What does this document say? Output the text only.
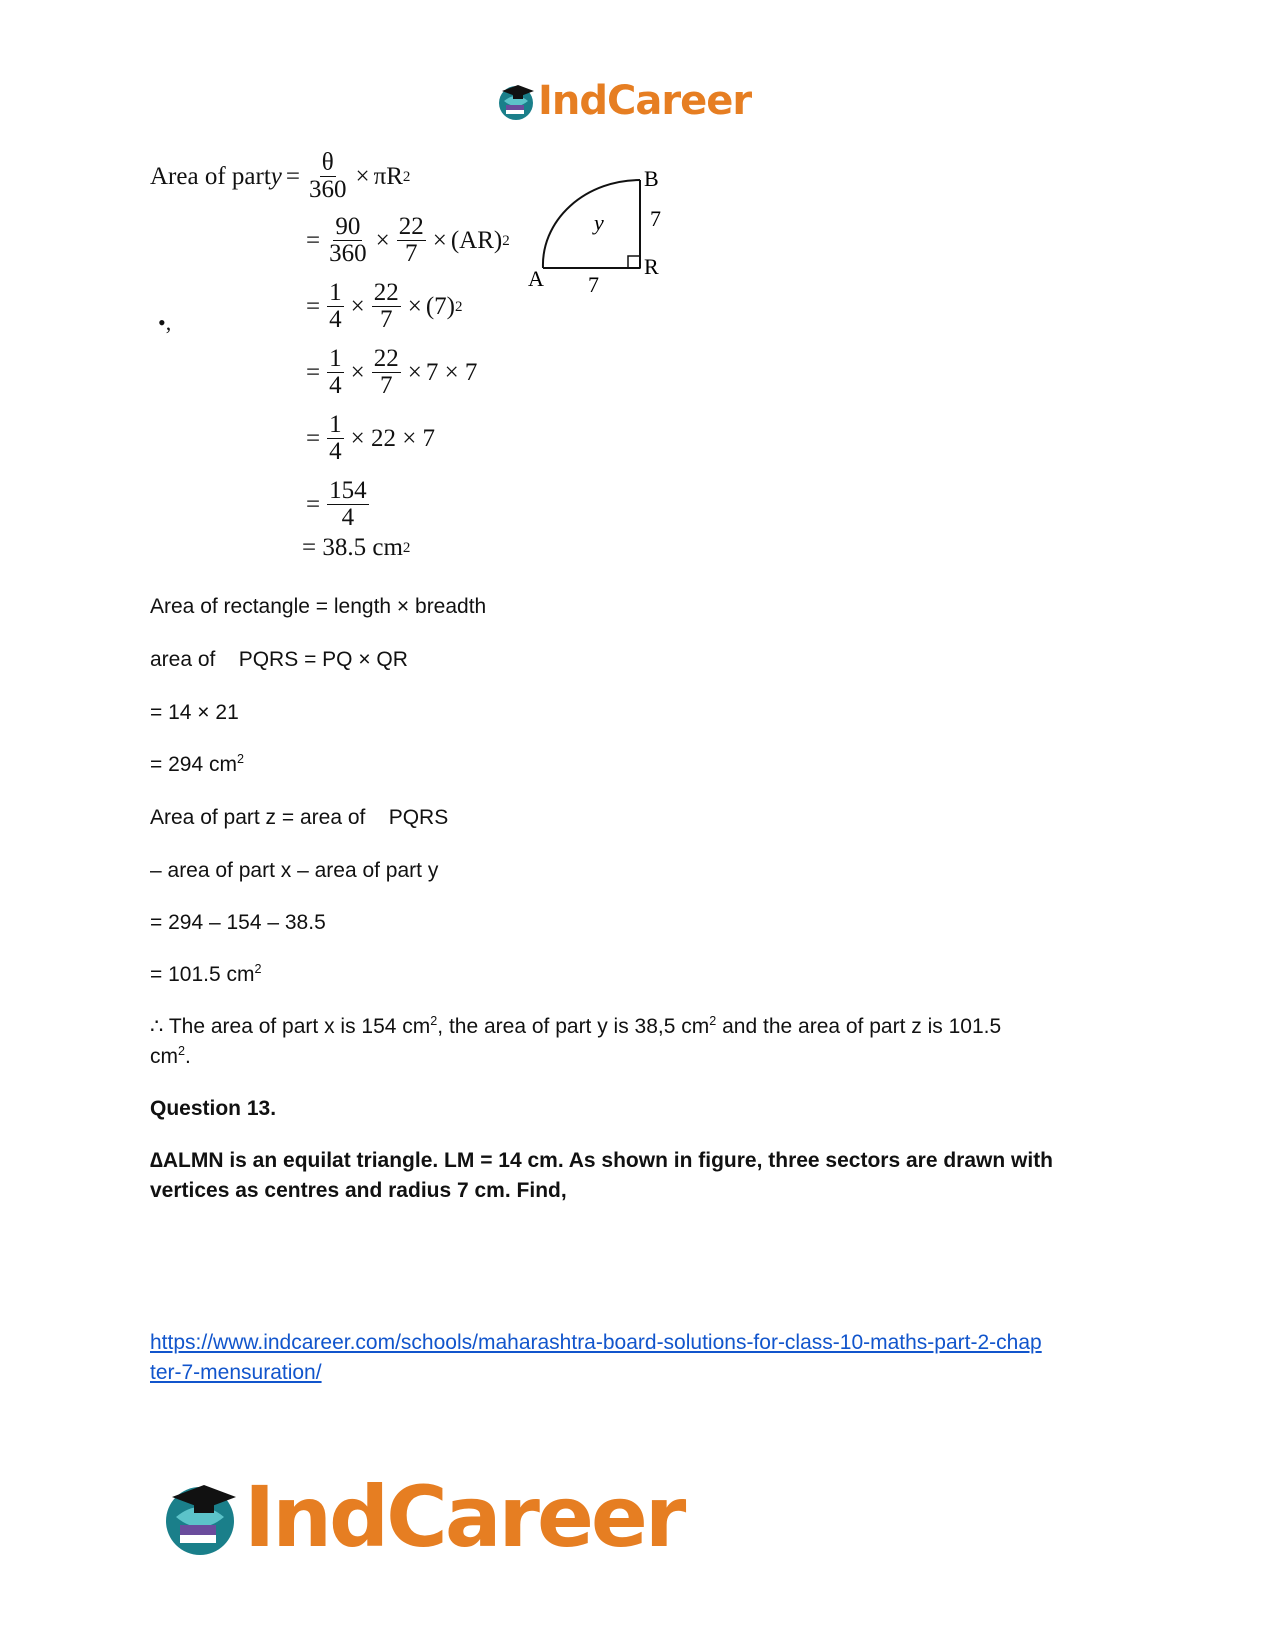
IndCareer
Area of part $y = \frac{\theta}{360} \times \pi R$ 2
= $\frac{90}{360} \times \frac{22}{7} \times (AR)$ 2
= $\frac{1}{4} \times \frac{22}{7} \times (7)$ 2
•,
= $\frac{1}{4} \times \frac{22}{7} \times 7 \times 7$
= $\frac{1}{4} \times 22 \times 7$
= $\frac{154}{4}$
= 38.5 cm 2
B
R
A
y 7
7
Area of rectangle = length × breadth
area of    PQRS = PQ × QR
= 14 × 21
= 294 $cm^2$
Area of part z = area of    PQRS
– area of part x – area of part y
= 294 – 154 – 38.5
= 101.5 $cm^2$
∴ The area of part x is 154 $cm^2$, the area of part y is 38,5 $cm^2$ and the area of part z is 101.5
$cm^2$.
Question 13.
∆ALMN is an equilat triangle. LM = 14 cm. As shown in figure, three sectors are drawn with vertices as centres and radius 7 cm. Find,
https://www.indcareer.com/schools/maharashtra-board-solutions-for-class-10-maths-part-2-chap
ter-7-mensuration/
IndCareer
